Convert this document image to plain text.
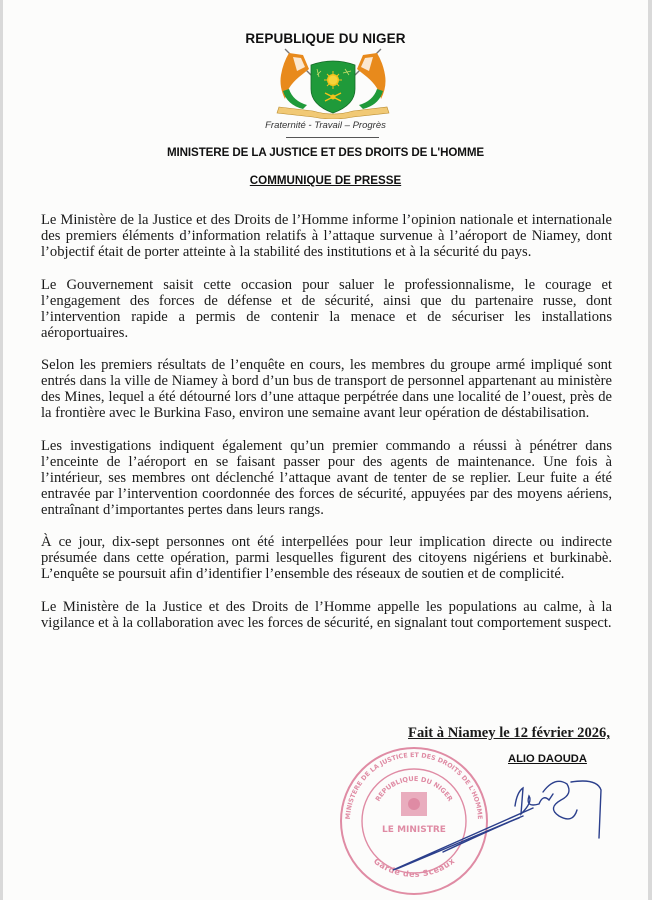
REPUBLIQUE DU NIGER
Fraternité - Travail – Progrès
MINISTERE DE LA JUSTICE ET DES DROITS DE L'HOMME
COMMUNIQUE DE PRESSE

Le Ministère de la Justice et des Droits de l’Homme informe l’opinion nationale et internationale des premiers éléments d’information relatifs à l’attaque survenue à l’aéroport de Niamey, dont l’objectif était de porter atteinte à la stabilité des institutions et à la sécurité du pays.

Le Gouvernement saisit cette occasion pour saluer le professionnalisme, le courage et l’engagement des forces de défense et de sécurité, ainsi que du partenaire russe, dont l’intervention rapide a permis de contenir la menace et de sécuriser les installations aéroportuaires.

Selon les premiers résultats de l’enquête en cours, les membres du groupe armé impliqué sont entrés dans la ville de Niamey à bord d’un bus de transport de personnel appartenant au ministère des Mines, lequel a été détourné lors d’une attaque perpétrée dans une localité de l’ouest, près de la frontière avec le Burkina Faso, environ une semaine avant leur opération de déstabilisation.

Les investigations indiquent également qu’un premier commando a réussi à pénétrer dans l’enceinte de l’aéroport en se faisant passer pour des agents de maintenance. Une fois à l’intérieur, ses membres ont déclenché l’attaque avant de tenter de se replier. Leur fuite a été entravée par l’intervention coordonnée des forces de sécurité, appuyées par des moyens aériens, entraînant d’importantes pertes dans leurs rangs.

À ce jour, dix-sept personnes ont été interpellées pour leur implication directe ou indirecte présumée dans cette opération, parmi lesquelles figurent des citoyens nigériens et burkinabè. L’enquête se poursuit afin d’identifier l’ensemble des réseaux de soutien et de complicité.

Le Ministère de la Justice et des Droits de l’Homme appelle les populations au calme, à la vigilance et à la collaboration avec les forces de sécurité, en signalant tout comportement suspect.

Fait à Niamey le 12 février 2026,
ALIO DAOUDA
MINISTERE DE LA JUSTICE ET DES DROITS DE L'HOMME
REPUBLIQUE DU NIGER
LE MINISTRE
Garde des Sceaux
